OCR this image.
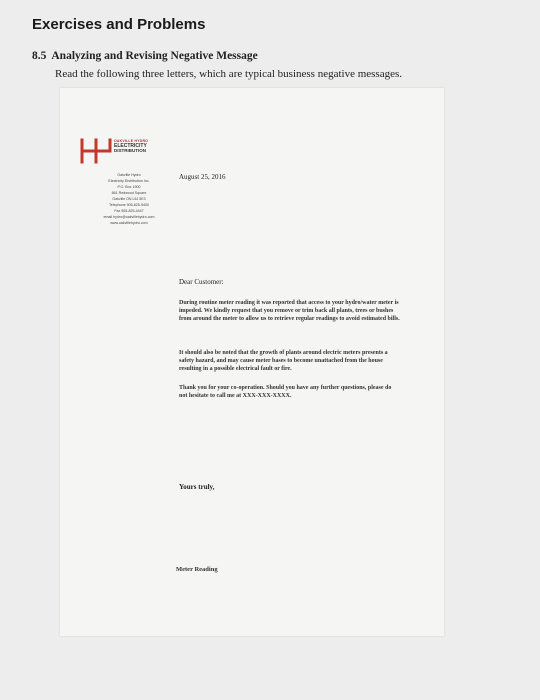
Exercises and Problems
8.5 Analyzing and Revising Negative Message
Read the following three letters, which are typical business negative messages.
OAKVILLE HYDRO
ELECTRICITY
DISTRIBUTION
Oakville Hydro
Electricity Distribution Inc.
P.O. Box 1900
861 Redwood Square
Oakville ON L6J 5E3
Telephone 905-825-9400
Fax 905-825-4447
email hydro@oakvillehydro.com
www.oakvillehydro.com
August 25, 2016
Dear Customer:
During routine meter reading it was reported that access to your hydro/water meter is impeded. We kindly request that you remove or trim back all plants, trees or bushes from around the meter to allow us to retrieve regular readings to avoid estimated bills.
It should also be noted that the growth of plants around electric meters presents a safety hazard, and may cause meter bases to become unattached from the house resulting in a possible electrical fault or fire.
Thank you for your co-operation. Should you have any further questions, please do not hesitate to call me at XXX-XXX-XXXX.
Yours truly,
Meter Reading
